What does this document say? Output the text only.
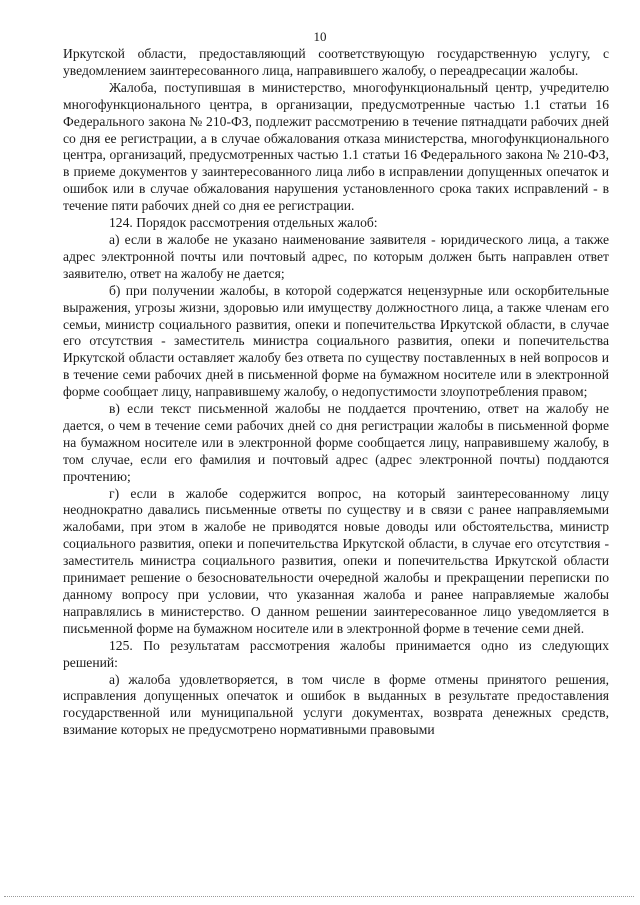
10

Иркутской области, предоставляющий соответствующую государственную услугу, с уведомлением заинтересованного лица, направившего жалобу, о переадресации жалобы.

Жалоба, поступившая в министерство, многофункциональный центр, учредителю многофункционального центра, в организации, предусмотренные частью 1.1 статьи 16 Федерального закона № 210-ФЗ, подлежит рассмотрению в течение пятнадцати рабочих дней со дня ее регистрации, а в случае обжалования отказа министерства, многофункционального центра, организаций, предусмотренных частью 1.1 статьи 16 Федерального закона № 210-ФЗ, в приеме документов у заинтересованного лица либо в исправлении допущенных опечаток и ошибок или в случае обжалования нарушения установленного срока таких исправлений - в течение пяти рабочих дней со дня ее регистрации.

124. Порядок рассмотрения отдельных жалоб:

а) если в жалобе не указано наименование заявителя - юридического лица, а также адрес электронной почты или почтовый адрес, по которым должен быть направлен ответ заявителю, ответ на жалобу не дается;

б) при получении жалобы, в которой содержатся нецензурные или оскорбительные выражения, угрозы жизни, здоровью или имуществу должностного лица, а также членам его семьи, министр социального развития, опеки и попечительства Иркутской области, в случае его отсутствия - заместитель министра социального развития, опеки и попечительства Иркутской области оставляет жалобу без ответа по существу поставленных в ней вопросов и в течение семи рабочих дней в письменной форме на бумажном носителе или в электронной форме сообщает лицу, направившему жалобу, о недопустимости злоупотребления правом;

в) если текст письменной жалобы не поддается прочтению, ответ на жалобу не дается, о чем в течение семи рабочих дней со дня регистрации жалобы в письменной форме на бумажном носителе или в электронной форме сообщается лицу, направившему жалобу, в том случае, если его фамилия и почтовый адрес (адрес электронной почты) поддаются прочтению;

г) если в жалобе содержится вопрос, на который заинтересованному лицу неоднократно давались письменные ответы по существу и в связи с ранее направляемыми жалобами, при этом в жалобе не приводятся новые доводы или обстоятельства, министр социального развития, опеки и попечительства Иркутской области, в случае его отсутствия - заместитель министра социального развития, опеки и попечительства Иркутской области принимает решение о безосновательности очередной жалобы и прекращении переписки по данному вопросу при условии, что указанная жалоба и ранее направляемые жалобы направлялись в министерство. О данном решении заинтересованное лицо уведомляется в письменной форме на бумажном носителе или в электронной форме в течение семи дней.

125. По результатам рассмотрения жалобы принимается одно из следующих решений:

а) жалоба удовлетворяется, в том числе в форме отмены принятого решения, исправления допущенных опечаток и ошибок в выданных в результате предоставления государственной или муниципальной услуги документах, возврата денежных средств, взимание которых не предусмотрено нормативными правовыми
